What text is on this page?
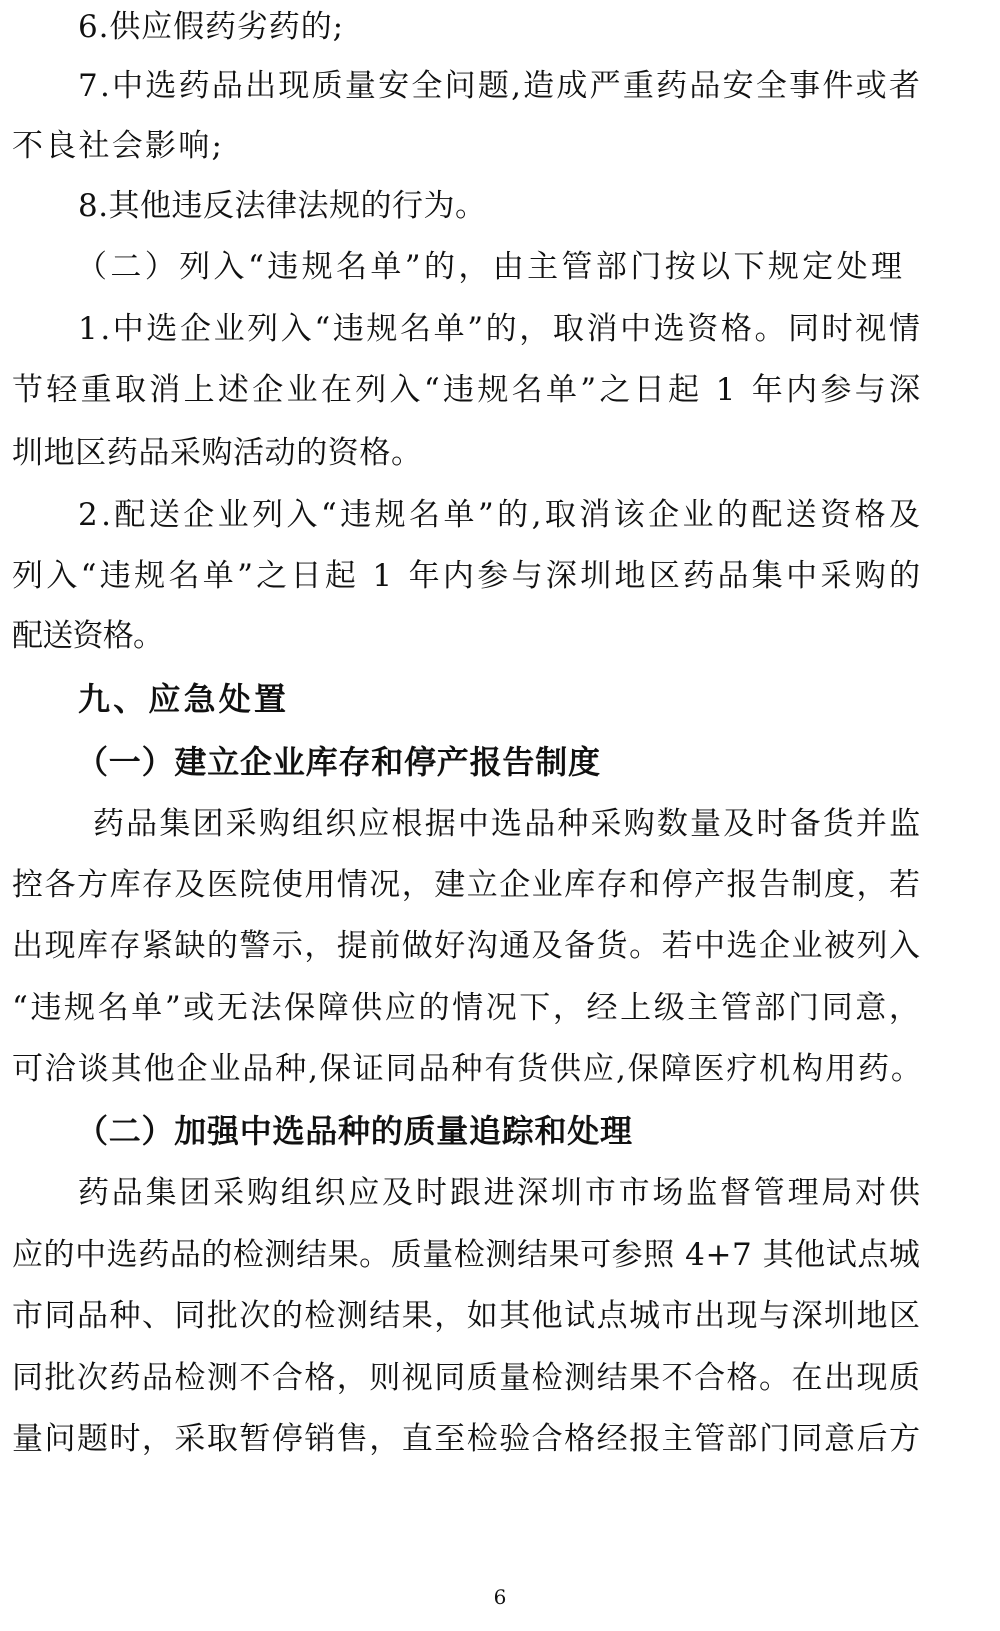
6.供应假药劣药的;
7.中选药品出现质量安全问题,造成严重药品安全事件或者
不良社会影响;
8.其他违反法律法规的行为。
（二）列入“违规名单”的，由主管部门按以下规定处理
1.中选企业列入“违规名单”的，取消中选资格。同时视情
节轻重取消上述企业在列入“违规名单”之日起 1 年内参与深
圳地区药品采购活动的资格。
2.配送企业列入“违规名单”的,取消该企业的配送资格及
列入“违规名单”之日起 1 年内参与深圳地区药品集中采购的
配送资格。
九、应急处置
（一）建立企业库存和停产报告制度
药品集团采购组织应根据中选品种采购数量及时备货并监
控各方库存及医院使用情况，建立企业库存和停产报告制度，若
出现库存紧缺的警示，提前做好沟通及备货。若中选企业被列入
“违规名单”或无法保障供应的情况下，经上级主管部门同意，
可洽谈其他企业品种,保证同品种有货供应,保障医疗机构用药。
（二）加强中选品种的质量追踪和处理
药品集团采购组织应及时跟进深圳市市场监督管理局对供
应的中选药品的检测结果。质量检测结果可参照 4+7 其他试点城
市同品种、同批次的检测结果，如其他试点城市出现与深圳地区
同批次药品检测不合格，则视同质量检测结果不合格。在出现质
量问题时，采取暂停销售，直至检验合格经报主管部门同意后方
6
